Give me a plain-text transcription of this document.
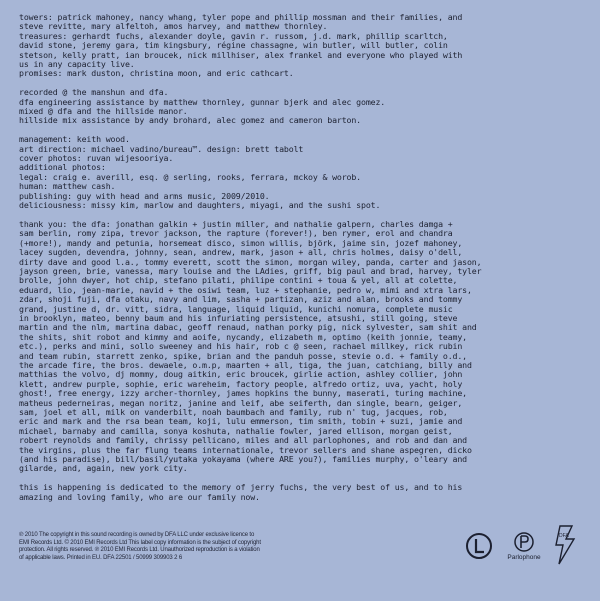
towers: patrick mahoney, nancy whang, tyler pope and phillip mossman and their families, and
steve revitte, mary alfeltoh, amos harvey, and matthew thornley.
treasures: gerhardt fuchs, alexander doyle, gavin r. russom, j.d. mark, phillip scarltch,
david stone, jeremy gara, tim kingsbury, régine chassagne, win butler, will butler, colin
stetson, kelly pratt, ian broucek, nick millhiser, alex frankel and everyone who played with
us in any capacity live.
promises: mark duston, christina moon, and eric cathcart.

recorded @ the manshun and dfa.
dfa engineering assistance by matthew thornley, gunnar bjerk and alec gomez.
mixed @ dfa and the hillside manor.
hillside mix assistance by andy brohard, alec gomez and cameron barton.

management: keith wood.
art direction: michael vadino/bureau™. design: brett tabolt
cover photos: ruvan wijesooriya.
additional photos:
legal: craig e. averill, esq. @ serling, rooks, ferrara, mckoy & worob.
human: matthew cash.
publishing: guy with head and arms music, 2009/2010.
deliciousness: missy kim, marlow and daughters, miyagi, and the sushi spot.

thank you: the dfa: jonathan galkin + justin miller, and nathalie galpern, charles damga +
sam berlin, romy zipa, trevor jackson, the rapture (forever!), ben rymer, erol and chandra
(+more!), mandy and petunia, horsemeat disco, simon willis, björk, jaime sin, jozef mahoney,
lacey sugden, devendra, johnny, sean, andrew, mark, jason + all, chris holmes, daisy o'dell,
dirty dave and good l.a., tommy everett, scott the simon, morgan wiley, panda, carter and jason,
jayson green, brie, vanessa, mary louise and the LAdies, griff, big paul and brad, harvey, tyler
brolle, john dwyer, hot chip, stefano pilati, philipe contini + toua & yel, all at colette,
eduard, lio, jean-marie, navid + the osiwi team, luz + stephanie, pedro w, mimi and xtra lars,
zdar, shoji fuji, dfa otaku, navy and lim, sasha + partizan, aziz and alan, brooks and tommy
grand, justine d, dr. vitt, sidra, language, liquid liquid, kunichi nomura, complete music
in brooklyn, mateo, benny baum and his infuriating persistence, atsushi, still going, steve
martin and the nlm, martina dabac, geoff renaud, nathan porky pig, nick sylvester, sam shit and
the shits, shit robot and kimmy and aoife, nycandy, elizabeth m, optimo (keith jonnie, teamy,
etc.), perks and mini, sollo sweeney and his hair, rob c @ seen, rachael millkey, rick rubin
and team rubin, starrett zenko, spike, brian and the panduh posse, stevie o.d. + family o.d.,
the arcade fire, the bros. dewaele, o.m.p, maarten + all, tiga, the juan, catchiang, billy and
matthias the volvo, dj mommy, doug aitkin, eric broucek, girlie action, ashley collier, john
klett, andrew purple, sophie, eric wareheim, factory people, alfredo ortiz, uva, yacht, holy
ghost!, free energy, izzy archer-thornley, james hopkins the bunny, maserati, turing machine,
matheus pederneiras, megan noritz, janine and leif, abe seiferth, dan single, bearn, geiger,
sam, joel et all, milk on vanderbilt, noah baumbach and family, rub n' tug, jacques, rob,
eric and mark and the rsa bean team, koji, lulu emmerson, tim smith, tobin + suzi, jamie and
michael, barnaby and camilla, sonya koshuta, nathalie fowler, jared ellison, morgan geist,
robert reynolds and family, chrissy pellicano, miles and all parlophones, and rob and dan and
the virgins, plus the far flung teams internationale, trevor sellers and shane aspegren, dicko
(and his paradise), bill/basil/yutaka yokayama (where ARE you?), families murphy, o'leary and
gilarde, and, again, new york city.

this is happening is dedicated to the memory of jerry fuchs, the very best of us, and to his
amazing and loving family, who are our family now.

℗ 2010 The copyright in this sound recording is owned by DFA LLC under exclusive licence to
EMI Records Ltd. © 2010 EMI Records Ltd This label copy information is the subject of copyright
protection. All rights reserved. ℗ 2010 EMI Records Ltd. Unauthorized reproduction is a violation
of applicable laws. Printed in EU. DFA 22501 / 50999 309903 2 6	Parlophone
DFA
